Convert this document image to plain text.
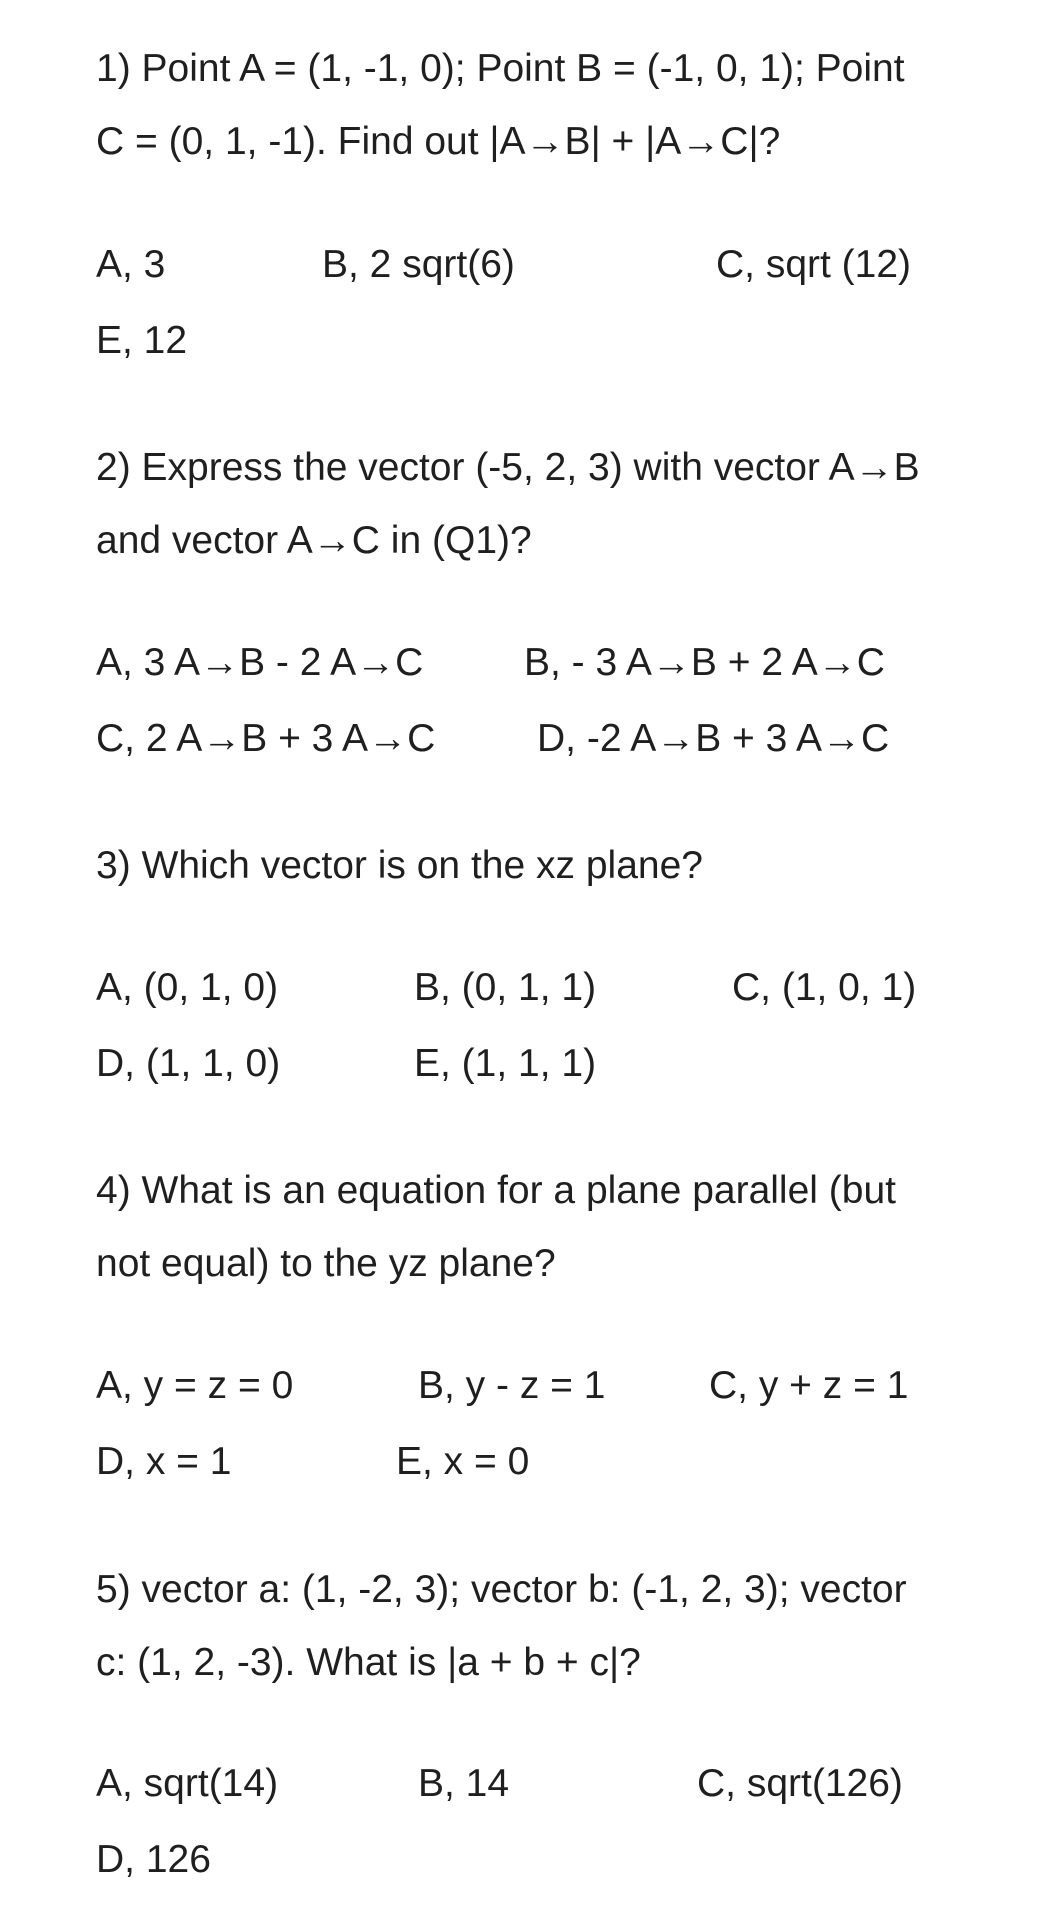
1) Point A = (1, -1, 0); Point B = (-1, 0, 1); Point
C = (0, 1, -1). Find out |A→B| + |A→C|?
A, 3	B, 2 sqrt(6)	C, sqrt (12)
E, 12
2) Express the vector (-5, 2, 3) with vector A→B
and vector A→C in (Q1)?
A, 3 A→B - 2 A→C	B, - 3 A→B + 2 A→C
C, 2 A→B + 3 A→C	D, -2 A→B + 3 A→C
3) Which vector is on the xz plane?
A, (0, 1, 0)	B, (0, 1, 1)	C, (1, 0, 1)
D, (1, 1, 0)	E, (1, 1, 1)
4) What is an equation for a plane parallel (but
not equal) to the yz plane?
A, y = z = 0	B, y - z = 1	C, y + z = 1
D, x = 1	E, x = 0
5) vector a: (1, -2, 3); vector b: (-1, 2, 3); vector
c: (1, 2, -3). What is |a + b + c|?
A, sqrt(14)	B, 14	C, sqrt(126)
D, 126
